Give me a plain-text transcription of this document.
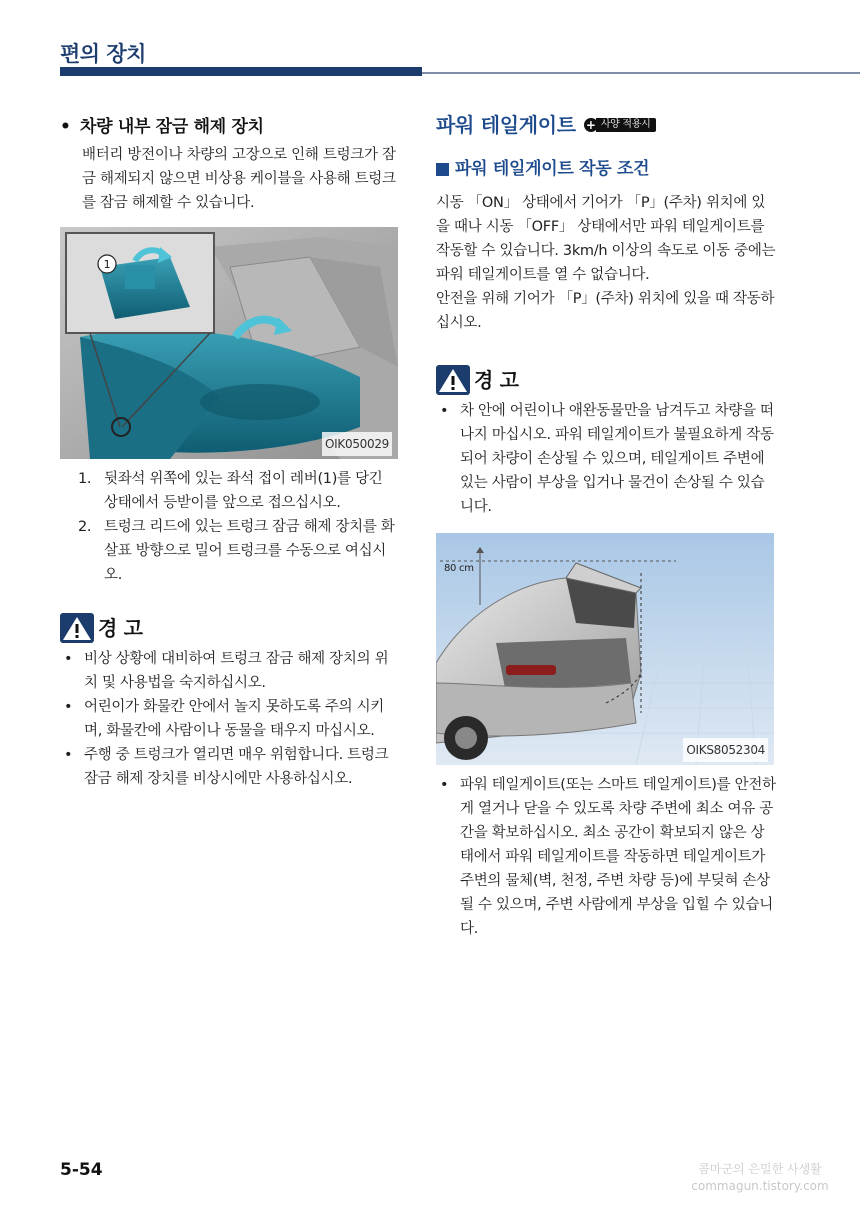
편의 장치
• 차량 내부 잠금 해제 장치
배터리 방전이나 차량의 고장으로 인해 트렁크가 잠금 해제되지 않으면 비상용 케이블을 사용해 트렁크를 잠금 해제할 수 있습니다.
1
OIK050029
1. 뒷좌석 위쪽에 있는 좌석 접이 레버(1)를 당긴 상태에서 등받이를 앞으로 접으십시오.
2. 트렁크 리드에 있는 트렁크 잠금 해제 장치를 화살표 방향으로 밀어 트렁크를 수동으로 여십시오.
경 고
• 비상 상황에 대비하여 트렁크 잠금 해제 장치의 위치 및 사용법을 숙지하십시오.
• 어린이가 화물칸 안에서 놀지 못하도록 주의 시키며, 화물칸에 사람이나 동물을 태우지 마십시오.
• 주행 중 트렁크가 열리면 매우 위험합니다. 트렁크 잠금 해제 장치를 비상시에만 사용하십시오.
파워 테일게이트 + 사양 적용시
파워 테일게이트 작동 조건
시동 「ON」 상태에서 기어가 「P」(주차) 위치에 있을 때나 시동 「OFF」 상태에서만 파워 테일게이트를 작동할 수 있습니다. 3km/h 이상의 속도로 이동 중에는 파워 테일게이트를 열 수 없습니다.
안전을 위해 기어가 「P」(주차) 위치에 있을 때 작동하십시오.
경 고
• 차 안에 어린이나 애완동물만을 남겨두고 차량을 떠나지 마십시오. 파워 테일게이트가 불필요하게 작동되어 차량이 손상될 수 있으며, 테일게이트 주변에 있는 사람이 부상을 입거나 물건이 손상될 수 있습니다.
80 cm
OIKS8052304
• 파워 테일게이트(또는 스마트 테일게이트)를 안전하게 열거나 닫을 수 있도록 차량 주변에 최소 여유 공간을 확보하십시오. 최소 공간이 확보되지 않은 상태에서 파워 테일게이트를 작동하면 테일게이트가 주변의 물체(벽, 천정, 주변 차량 등)에 부딪혀 손상될 수 있으며, 주변 사람에게 부상을 입힐 수 있습니다.
5-54	콤마군의 은밀한 사생활
commagun.tistory.com
